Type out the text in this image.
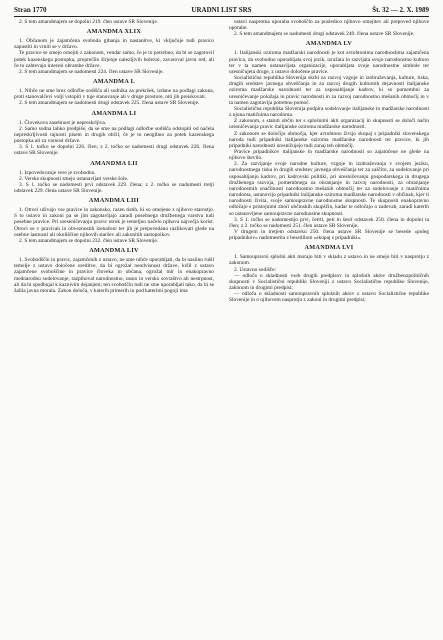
Stran 1770	URADNI LIST SRS	Št. 32 — 2. X. 1989

2. S tem amandmajem se dopolni 219. člen ustave SR Slovenije.

AMANDMA XLIX

1. Občanom je zajamčena svoboda gibanja in nastanitve, ki vključuje tudi pravico zapustiti in vrniti se v državo.

Te pravice se smejo omejiti z zakonom, vendar samo, če je to potrebno, da bi se zagotovil potek kazenskega postopka, preprečilo širjenje nalezljivih bolezni, zavaroval javni red, ali če to zahtevajo interesi obrambe države.

2. S tem amandmajem se nadomesti 224. člen ustave SR Slovenije.

AMANDMA L

1. Nihče ne sme brez odločbe sodišča ali sodnika za prekršek, izdane na podlagi zakona, proti stanovalčevi volji vstopiti v tuje stanovanje ali v druge prostore, niti jih preiskovati.

2. S tem amandmajem se nadomesti drugi odstavek 225. člena ustave SR Slovenije.

AMANDMA LI

1. Človekova zasebnost je nepreskrljiva.

2. Samo sodna lahko predpiše, da se sme na podlagi odločbe sodišča odstopiti od načela nepreskrljivosti tajnosti pisem in drugih občil, če je to neogibno za potek kazenskega postopka ali za varnost države.

3. S 1. točko se dopolni 226. člen; z 2. točko se nadomesti drugi odstavek 226. člena ustave SR Slovenije.

AMANDMA LII

1. Izpovedovanje vere je svobodno.

2. Verske skupnosti smejo ustanavljati verske šole.

3. S 1. točko se nadomesti prvi odstavek 229. člena; z 2. točko se nadomesti tretji odstavek 229. člena ustave SR Slovenije.

AMANDMA LIII

1. Otroci uživajo vse pravice in zakonsko, razen tistih, ki so omejene z njihovo starostjo. S to ustavo in zakoni pa se jim zagotavljajo zaradi posebnega družbenega varstva tudi posebne pravice. Pri ureseničevanju pravic otrok je temeljno načelo njihova največja korist. Otroci so v pravicah in obveznostih izenačeni ter jih je prepovedano razlikovati glede na osebne lastnosti ali okoliščine njihovih staršev ali zakonitih zastopnikov.

2. S tem amandmajem se dopolni 232. člen ustave SR Slovenije.

AMANDMA LIV

1. Svobodščin in pravic, zajamčenih z ustavo, ne sme nihče uporabljati, da bi nasilno rušil temelje z ustavo določene ureditve, da bi ogrožal neodvisnost države, kršil z ustavo zajamčene svoboščine in pravice človeka in občana, ogrožal mir in enakopravno mednarodno sodelovanje, razpihoval narodnostno, rasno in versko sovraštvo ali nestrpnost, ali da bi spodbujal k kaznivim dejanjem; ten svoboščin tudi ne sme uporabljati tako, da bi se žalila javna morala. Zakon določa, v katerih primerih in pod katerimi pogoji ima

ustavi nasprotna uporaba svoboščin za posledico njihovo omejitev ali prepoved njihove uporabe.

2. S tem amandmajem se nadomesti drugi odstavek 240. člena ustave SR Slovenije.

AMANDMA LV

1. Italijanski oziroma madžarski narodnosti je kot avtohtonima narodnostima zajamčena pravica, da svobodno uporabljata svoj jezik, izražata in razvijata svojo narodnostno kulturo ter v ta namen ustanavljata organizacije, uporabljata svoje narodnostne simbole ter uresničujeta druge, z ustavo določene pravice.

Socialistična republika Slovenija skrbi za razvoj vzgoje in izobraževanja, kulture, tiska, drugih sredstev javnega obveščanja in za razvoj drugih kulturnih dejavnosti italijanske oziroma madžarske narodnosti ter za usposabljanje kadrov, ki so pomembni za uresničevanje položaja in pravic narodnosti in za razvoj narodnostno mešanih območij in v ta namen zagotavlja potrebno pomoč.

Socialistična republika Slovenija podpira sodelovanje italijanske in madžarske narodnosti z njuna matičnima narodoma.

Z zakonom, s statuti občin ter s splošnimi akti organizacij in skupnosti se določi način uresničevanja pravic italijanske oziroma madžarske narodnosti.

Z zakonom se določijo območja, kjer avtohtono živijo skupaj s pripadniki slovenskega naroda tudi pripadniki italijanske oziroma madžarske narodnosti ter pravice, ki jih pripadniki narodnosti uresničujejo tudi zunaj teh območij.

Pravice pripadnikov italijanske in madžarske narodnosti so zajamčene ne glede na njihovo število.

2. Za razvijanje svoje narodne kulture, vzgoje in izobraževanja v svojem jeziku, narodnostnega tiska in drugih sredstev javnega obveščanja ter za zaščito, za sodelovanje pri usposabljanju kadrov, pri kadrovski politiki, pri uresničevanju gospodarskega in drugega družbenega razvoja, pomembnega za ohranjanje in razvoj narodnosti, za ohranjanje narodnostnih značilnosti narodnostno mešanih območij ter za sodelovanje z matičnima narodoma, ustanovijo pripadniki italijanske oziroma madžarske narodnosti v občinah, kjer ti narodnosti živita, svoje samoupravne narodnostne skupnosti. Te skupnosti enakopravno odločajo s pristojnimi zbori občinskih skupščin, kadar te odločajo o zadevah, zaradi katerih so ustanovljene samoupravne narodnostne skupnosti.

3. S 1. točko se nadomestijo prvi, četrti, peti in šesti odstavek 250. člena in dopolni ta člen; z 2. točko se nadomesti 251. člen ustave SR Slovenije.

V drugem in tretjem odstavku 250. člena ustave SR Slovenije se besede »poleg pripadnikov« nadomestita z besedilom »skupaj s pripadniki«.

AMANDMA LVI

1. Samoupravni splošni akti morajo biti v skladu z ustavo in ne smejo biti v nasprotju z zakonom.

2. Ustavno sodišče:

— odloča o skladnosti vseh drugih predpisov in splošnih aktov družbenopolitičnih skupnosti v Socialistični republiki Sloveniji z ustavo Socialistične republike Slovenije, zakonom in drugimi predpisi;

— odloča o skladnosti samoupravnih splošnih aktov z ustavo Socialistične republike Slovenije in o njihovem nasprotju z zakoni in drugimi predpisi;
